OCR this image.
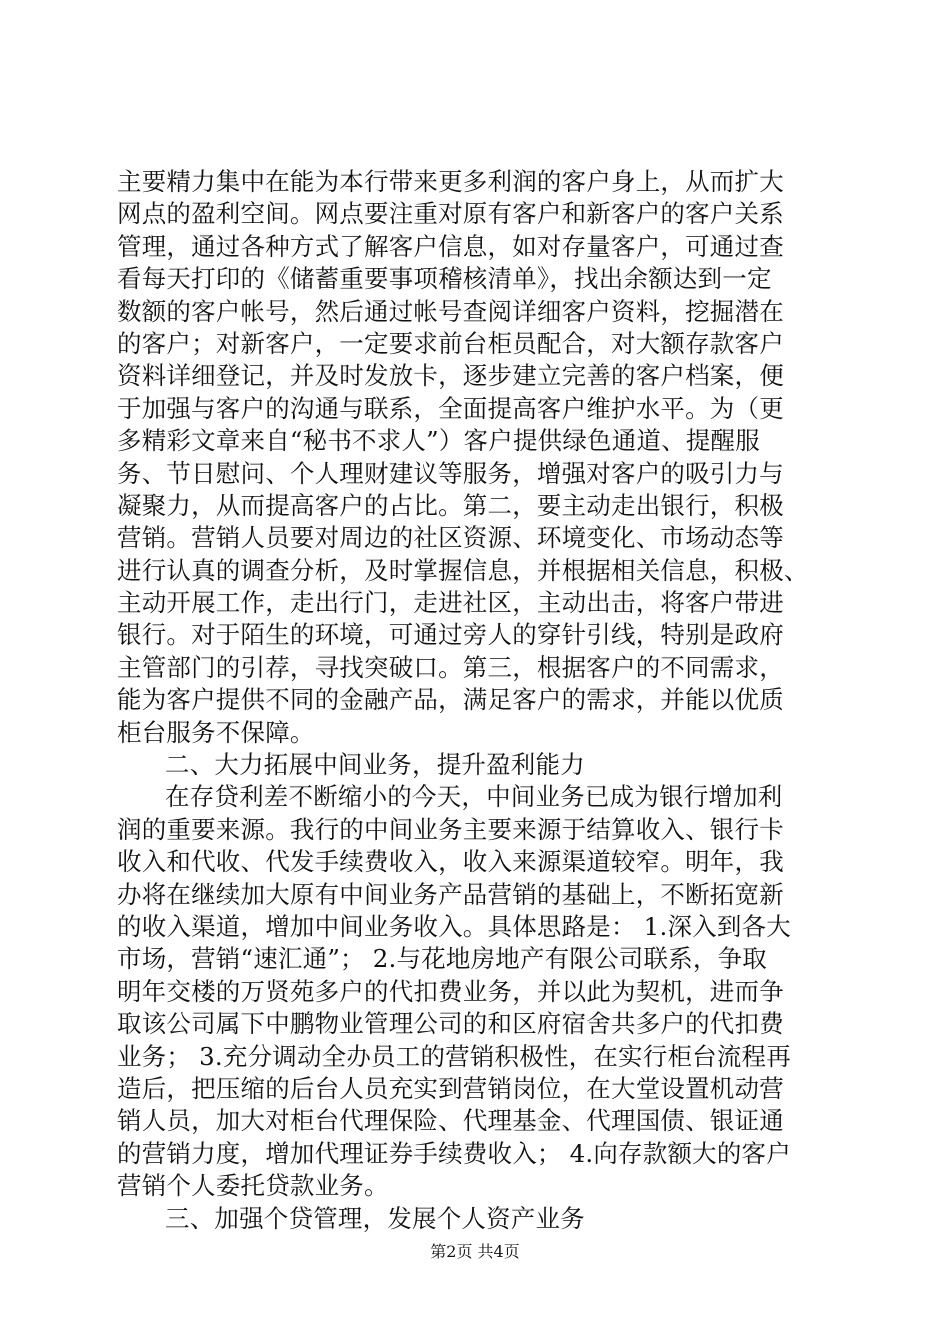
主要精力集中在能为本行带来更多利润的客户身上，从而扩大
网点的盈利空间。网点要注重对原有客户和新客户的客户关系
管理，通过各种方式了解客户信息，如对存量客户，可通过查
看每天打印的《储蓄重要事项稽核清单》，找出余额达到一定
数额的客户帐号，然后通过帐号查阅详细客户资料，挖掘潜在
的客户；对新客户，一定要求前台柜员配合，对大额存款客户
资料详细登记，并及时发放卡，逐步建立完善的客户档案，便
于加强与客户的沟通与联系，全面提高客户维护水平。为（更
多精彩文章来自“秘书不求人”）客户提供绿色通道、提醒服
务、节日慰问、个人理财建议等服务，增强对客户的吸引力与
凝聚力，从而提高客户的占比。第二，要主动走出银行，积极
营销。营销人员要对周边的社区资源、环境变化、市场动态等
进行认真的调查分析，及时掌握信息，并根据相关信息，积极、
主动开展工作，走出行门，走进社区，主动出击，将客户带进
银行。对于陌生的环境，可通过旁人的穿针引线，特别是政府
主管部门的引荐，寻找突破口。第三，根据客户的不同需求，
能为客户提供不同的金融产品，满足客户的需求，并能以优质
柜台服务不保障。
二、大力拓展中间业务，提升盈利能力
在存贷利差不断缩小的今天，中间业务已成为银行增加利
润的重要来源。我行的中间业务主要来源于结算收入、银行卡
收入和代收、代发手续费收入，收入来源渠道较窄。明年，我
办将在继续加大原有中间业务产品营销的基础上，不断拓宽新
的收入渠道，增加中间业务收入。具体思路是： 1.深入到各大
市场，营销“速汇通”； 2.与花地房地产有限公司联系，争取
明年交楼的万贤苑多户的代扣费业务，并以此为契机，进而争
取该公司属下中鹏物业管理公司的和区府宿舍共多户的代扣费
业务； 3.充分调动全办员工的营销积极性，在实行柜台流程再
造后，把压缩的后台人员充实到营销岗位，在大堂设置机动营
销人员，加大对柜台代理保险、代理基金、代理国债、银证通
的营销力度，增加代理证券手续费收入； 4.向存款额大的客户
营销个人委托贷款业务。
三、加强个贷管理，发展个人资产业务
第2页 共4页
